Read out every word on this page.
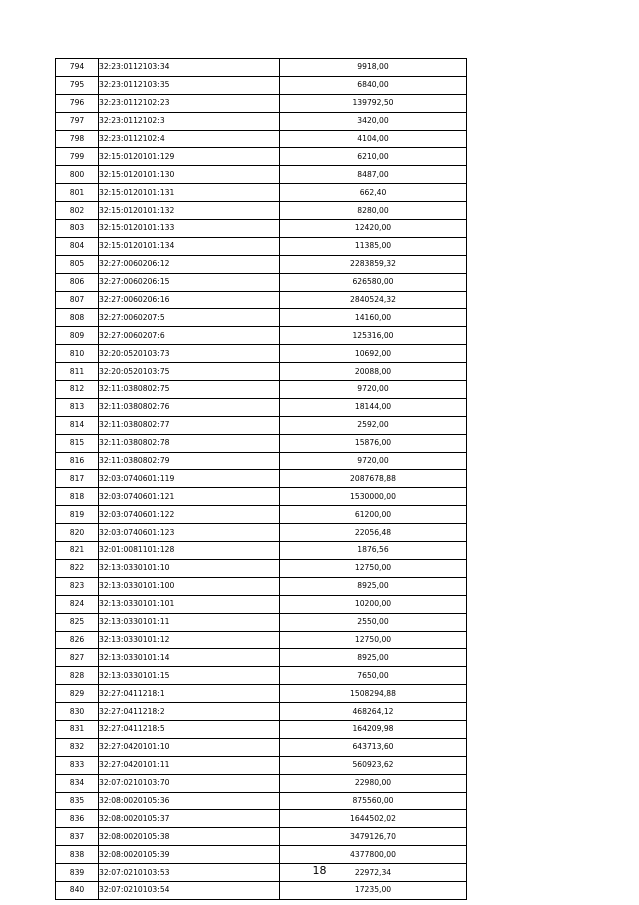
794	32:23:0112103:34	9918,00
795	32:23:0112103:35	6840,00
796	32:23:0112102:23	139792,50
797	32:23:0112102:3	3420,00
798	32:23:0112102:4	4104,00
799	32:15:0120101:129	6210,00
800	32:15:0120101:130	8487,00
801	32:15:0120101:131	662,40
802	32:15:0120101:132	8280,00
803	32:15:0120101:133	12420,00
804	32:15:0120101:134	11385,00
805	32:27:0060206:12	2283859,32
806	32:27:0060206:15	626580,00
807	32:27:0060206:16	2840524,32
808	32:27:0060207:5	14160,00
809	32:27:0060207:6	125316,00
810	32:20:0520103:73	10692,00
811	32:20:0520103:75	20088,00
812	32:11:0380802:75	9720,00
813	32:11:0380802:76	18144,00
814	32:11:0380802:77	2592,00
815	32:11:0380802:78	15876,00
816	32:11:0380802:79	9720,00
817	32:03:0740601:119	2087678,88
818	32:03:0740601:121	1530000,00
819	32:03:0740601:122	61200,00
820	32:03:0740601:123	22056,48
821	32:01:0081101:128	1876,56
822	32:13:0330101:10	12750,00
823	32:13:0330101:100	8925,00
824	32:13:0330101:101	10200,00
825	32:13:0330101:11	2550,00
826	32:13:0330101:12	12750,00
827	32:13:0330101:14	8925,00
828	32:13:0330101:15	7650,00
829	32:27:0411218:1	1508294,88
830	32:27:0411218:2	468264,12
831	32:27:0411218:5	164209,98
832	32:27:0420101:10	643713,60
833	32:27:0420101:11	560923,62
834	32:07:0210103:70	22980,00
835	32:08:0020105:36	875560,00
836	32:08:0020105:37	1644502,02
837	32:08:0020105:38	3479126,70
838	32:08:0020105:39	4377800,00
839	32:07:0210103:53	22972,34
840	32:07:0210103:54	17235,00
18
